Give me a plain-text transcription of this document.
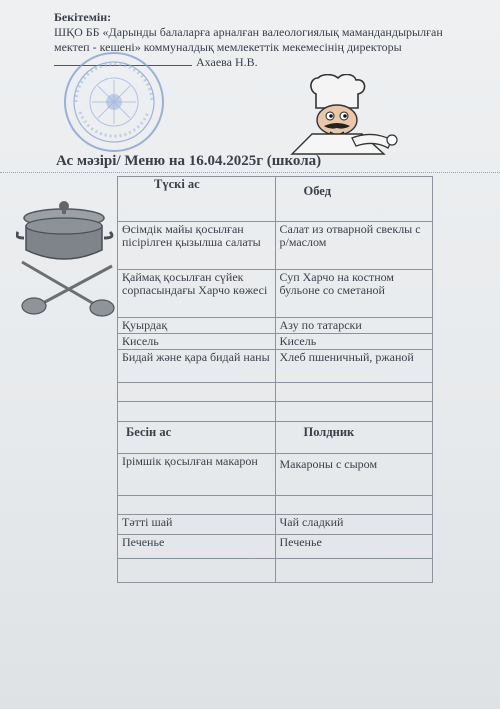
Бекітемін:
ШҚО ББ «Дарынды балаларға арналған валеологиялық мамандандырылған
мектеп - кешені» коммуналдық мемлекеттік мекемесінің директоры
Ахаева Н.В.
Ас мәзірі/ Меню на 16.04.2025г (школа)
Түскі ас	Обед
Өсімдік майы қосылған пісірілген қызылша салаты	Салат из отварной свеклы с р/маслом
Қаймақ қосылған сүйек сорпасындағы Харчо көжесі	Суп Харчо на костном бульоне со сметаной
Қуырдақ	Азу по татарски
Кисель	Кисель
Бидай және қара бидай наны	Хлеб пшеничный, ржаной

Бесін ас	Полдник
Ірімшік қосылған макарон	Макароны с сыром

Тәтті шай	Чай сладкий
Печенье	Печенье
